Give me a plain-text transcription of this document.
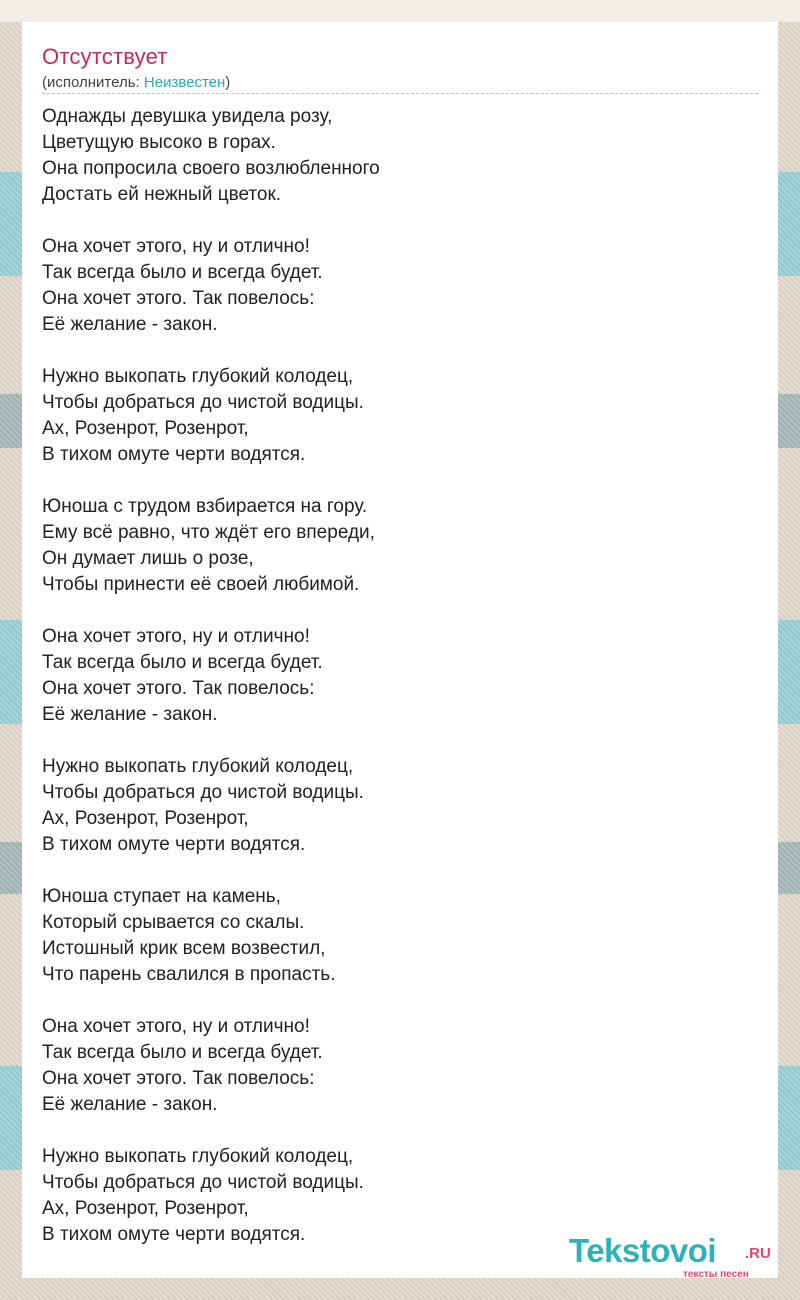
Отсутствует
(исполнитель: Неизвестен)
Однажды девушка увидела розу,
Цветущую высоко в горах.
Она попросила своего возлюбленного
Достать ей нежный цветок.
Она хочет этого, ну и отлично!
Так всегда было и всегда будет.
Она хочет этого. Так повелось:
Её желание - закон.
Нужно выкопать глубокий колодец,
Чтобы добраться до чистой водицы.
Ах, Розенрот, Розенрот,
В тихом омуте черти водятся.
Юноша с трудом взбирается на гору.
Ему всё равно, что ждёт его впереди,
Он думает лишь о розе,
Чтобы принести её своей любимой.
Она хочет этого, ну и отлично!
Так всегда было и всегда будет.
Она хочет этого. Так повелось:
Её желание - закон.
Нужно выкопать глубокий колодец,
Чтобы добраться до чистой водицы.
Ах, Розенрот, Розенрот,
В тихом омуте черти водятся.
Юноша ступает на камень,
Который срывается со скалы.
Истошный крик всем возвестил,
Что парень свалился в пропасть.
Она хочет этого, ну и отлично!
Так всегда было и всегда будет.
Она хочет этого. Так повелось:
Её желание - закон.
Нужно выкопать глубокий колодец,
Чтобы добраться до чистой водицы.
Ах, Розенрот, Розенрот,
В тихом омуте черти водятся.	Tekstovoi .RU
тексты песен
